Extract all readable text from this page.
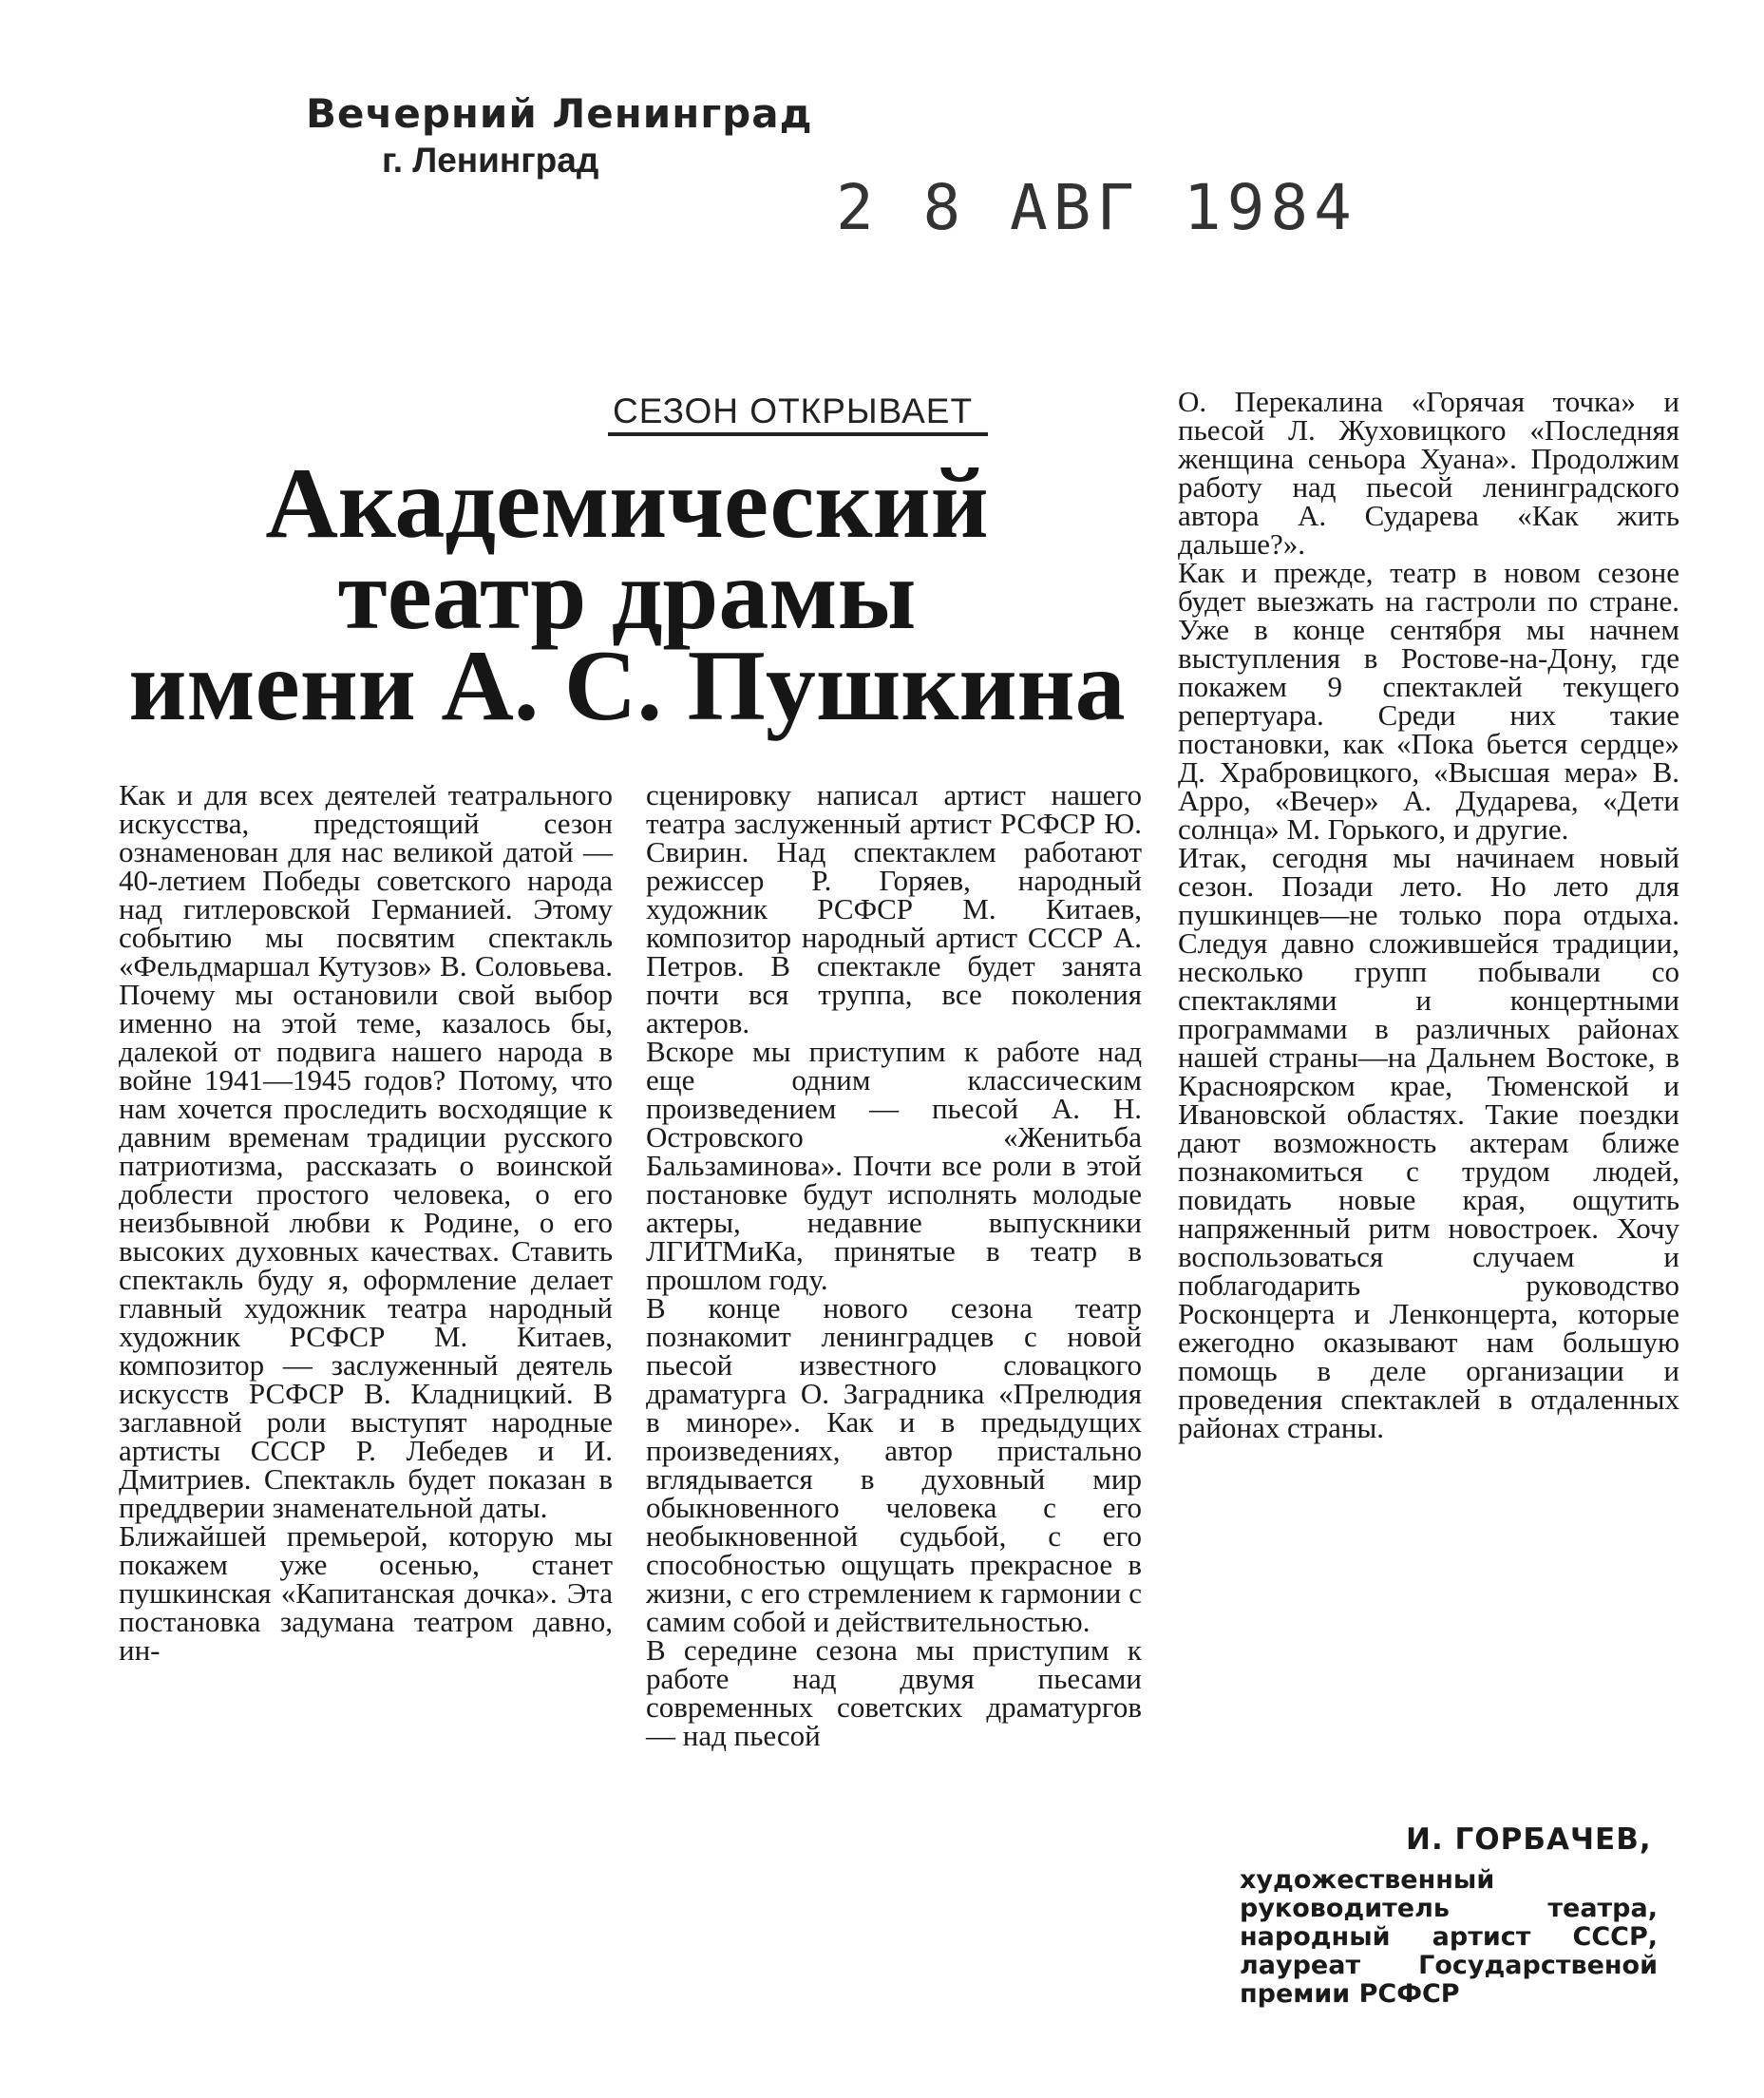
Вечерний Ленинград
г. Ленинград
2 8 АВГ 1984
СЕЗОН ОТКРЫВАЕТ
Академический
театр драмы
имени А. С. Пушкина
Как и для всех деятелей театрального искусства, предстоящий сезон ознаменован для нас великой датой — 40-летием Победы советского народа над гитлеровской Германией. Этому событию мы посвятим спектакль «Фельдмаршал Кутузов» В. Соловьева. Почему мы остановили свой выбор именно на этой теме, казалось бы, далекой от подвига нашего народа в войне 1941—1945 годов? Потому, что нам хочется проследить восходящие к давним временам традиции русского патриотизма, рассказать о воинской доблести простого человека, о его неизбывной любви к Родине, о его высоких духовных качествах. Ставить спектакль буду я, оформление делает главный художник театра народный художник РСФСР М. Китаев, композитор — заслуженный деятель искусств РСФСР В. Кладницкий. В заглавной роли выступят народные артисты СССР Р. Лебедев и И. Дмитриев. Спектакль будет показан в преддверии знаменательной даты.
Ближайшей премьерой, которую мы покажем уже осенью, станет пушкинская «Капитанская дочка». Эта постановка задумана театром давно, ин-
сценировку написал артист нашего театра заслуженный артист РСФСР Ю. Свирин. Над спектаклем работают режиссер Р. Горяев, народный художник РСФСР М. Китаев, композитор народный артист СССР А. Петров. В спектакле будет занята почти вся труппа, все поколения актеров.
Вскоре мы приступим к работе над еще одним классическим произведением — пьесой А. Н. Островского «Женитьба Бальзаминова». Почти все роли в этой постановке будут исполнять молодые актеры, недавние выпускники ЛГИТМиКа, принятые в театр в прошлом году.
В конце нового сезона театр познакомит ленинградцев с новой пьесой известного словацкого драматурга О. Заградника «Прелюдия в миноре». Как и в предыдущих произведениях, автор пристально вглядывается в духовный мир обыкновенного человека с его необыкновенной судьбой, с его способностью ощущать прекрасное в жизни, с его стремлением к гармонии с самим собой и действительностью.
В середине сезона мы приступим к работе над двумя пьесами современных советских драматургов — над пьесой
О. Перекалина «Горячая точка» и пьесой Л. Жуховицкого «Последняя женщина сеньора Хуана». Продолжим работу над пьесой ленинградского автора А. Сударева «Как жить дальше?».
Как и прежде, театр в новом сезоне будет выезжать на гастроли по стране. Уже в конце сентября мы начнем выступления в Ростове-на-Дону, где покажем 9 спектаклей текущего репертуара. Среди них такие постановки, как «Пока бьется сердце» Д. Храбровицкого, «Высшая мера» В. Арро, «Вечер» А. Дударева, «Дети солнца» М. Горького, и другие.
Итак, сегодня мы начинаем новый сезон. Позади лето. Но лето для пушкинцев—не только пора отдыха. Следуя давно сложившейся традиции, несколько групп побывали со спектаклями и концертными программами в различных районах нашей страны—на Дальнем Востоке, в Красноярском крае, Тюменской и Ивановской областях. Такие поездки дают возможность актерам ближе познакомиться с трудом людей, повидать новые края, ощутить напряженный ритм новостроек. Хочу воспользоваться случаем и поблагодарить руководство Росконцерта и Ленконцерта, которые ежегодно оказывают нам большую помощь в деле организации и проведения спектаклей в отдаленных районах страны.
И. ГОРБАЧЕВ,
художественный руководитель театра, народный артист СССР, лауреат Государственой премии РСФСР
